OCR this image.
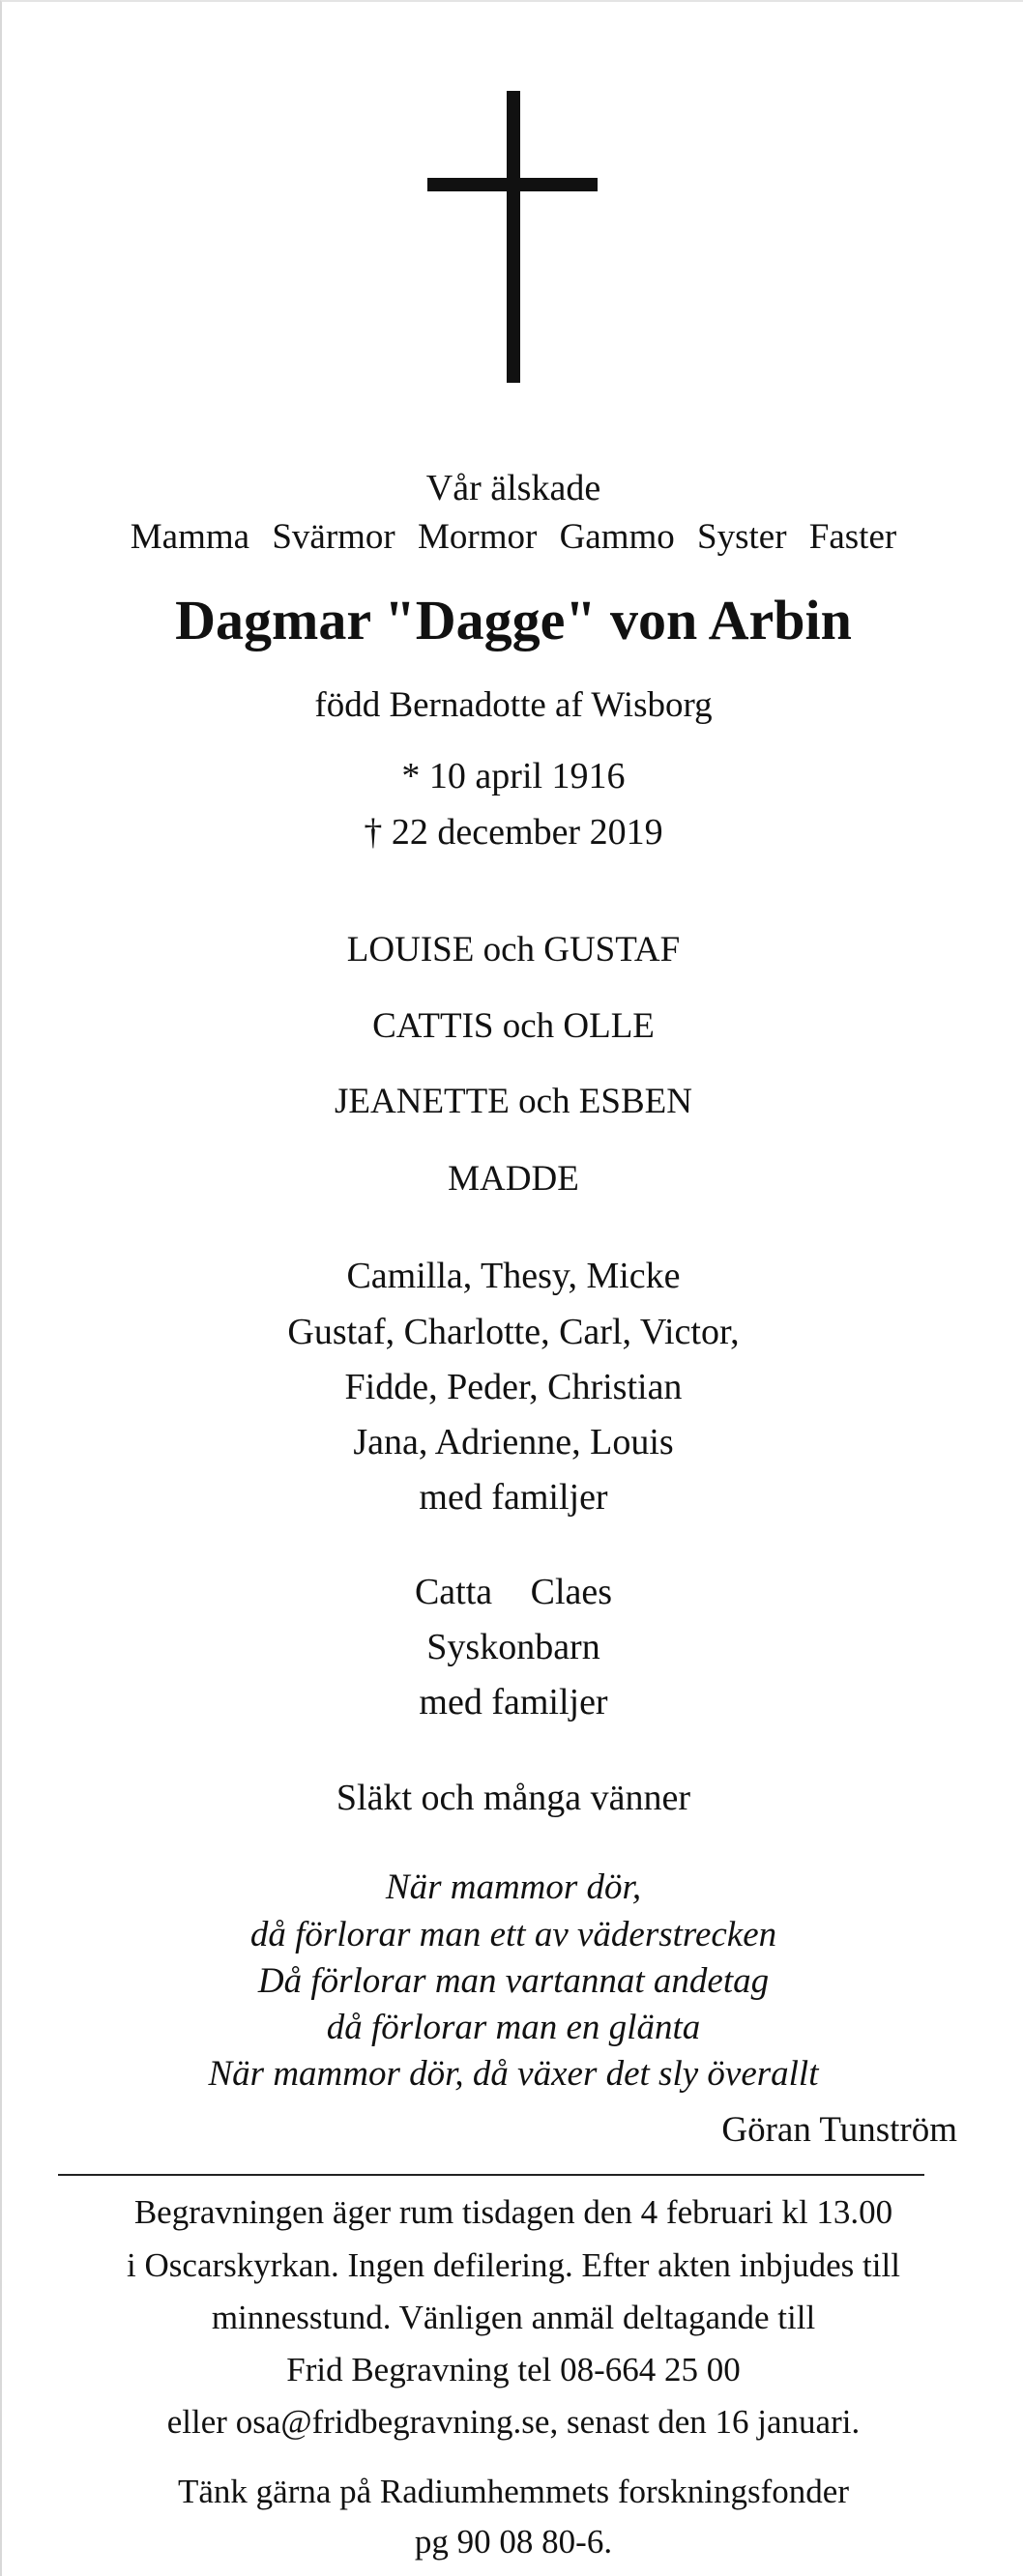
Vår älskade
Mamma Svärmor Mormor Gammo Syster Faster
Dagmar "Dagge" von Arbin
född Bernadotte af Wisborg
* 10 april 1916
† 22 december 2019
LOUISE och GUSTAF
CATTIS och OLLE
JEANETTE och ESBEN
MADDE
Camilla, Thesy, Micke
Gustaf, Charlotte, Carl, Victor,
Fidde, Peder, Christian
Jana, Adrienne, Louis
med familjer
Catta Claes
Syskonbarn
med familjer
Släkt och många vänner
När mammor dör,
då förlorar man ett av väderstrecken
Då förlorar man vartannat andetag
då förlorar man en glänta
När mammor dör, då växer det sly överallt
Göran Tunström
Begravningen äger rum tisdagen den 4 februari kl 13.00
i Oscarskyrkan. Ingen defilering. Efter akten inbjudes till
minnesstund. Vänligen anmäl deltagande till
Frid Begravning tel 08-664 25 00
eller osa@fridbegravning.se, senast den 16 januari.
Tänk gärna på Radiumhemmets forskningsfonder
pg 90 08 80-6.
